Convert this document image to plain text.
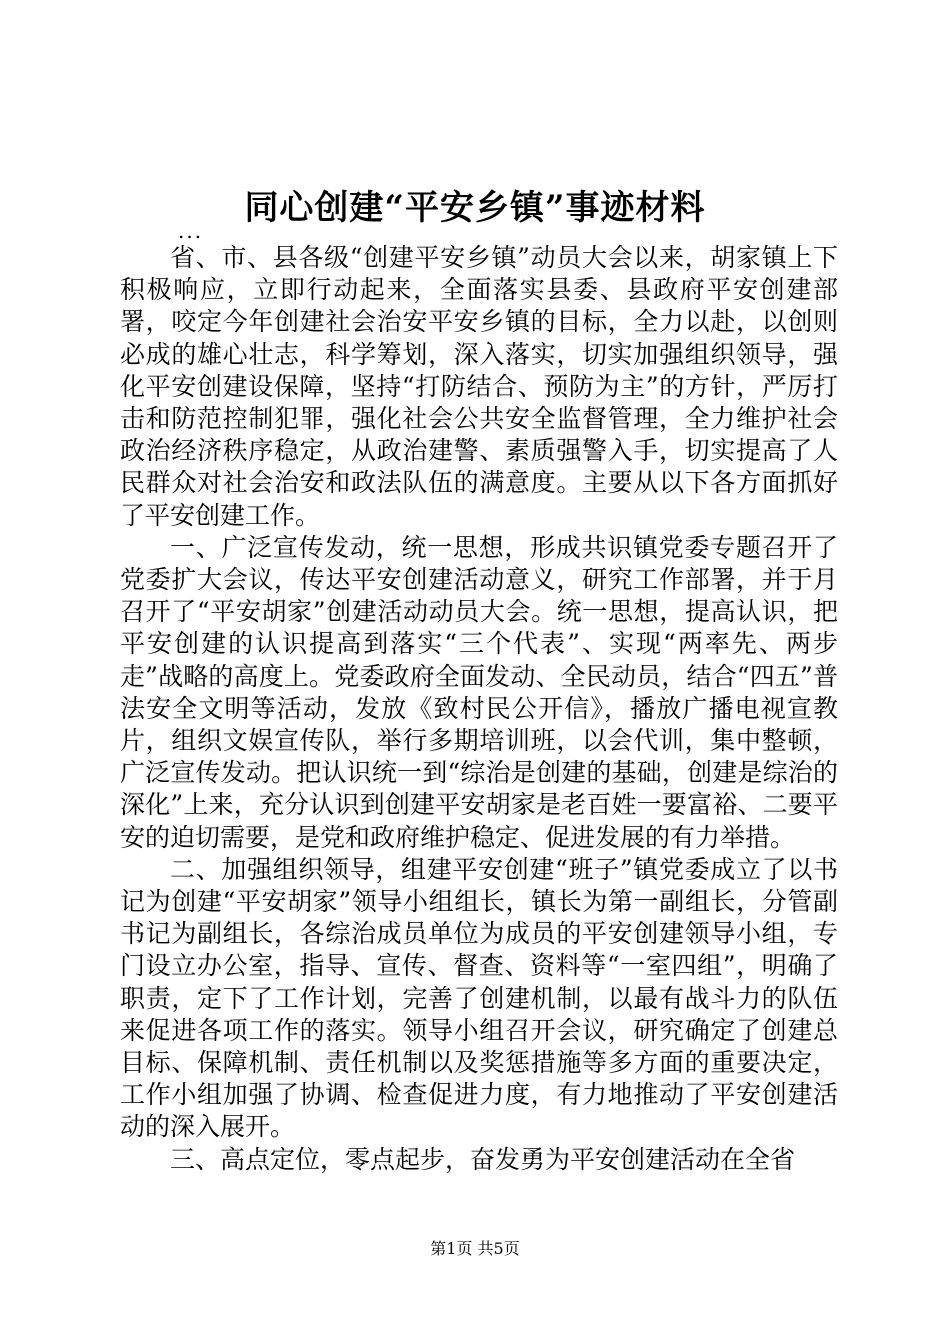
同心创建“平安乡镇”事迹材料
...

省、市、县各级“创建平安乡镇”动员大会以来，胡家镇上下积极响应，立即行动起来，全面落实县委、县政府平安创建部署，咬定今年创建社会治安平安乡镇的目标，全力以赴，以创则必成的雄心壮志，科学筹划，深入落实，切实加强组织领导，强化平安创建设保障，坚持“打防结合、预防为主”的方针，严厉打击和防范控制犯罪，强化社会公共安全监督管理，全力维护社会政治经济秩序稳定，从政治建警、素质强警入手，切实提高了人民群众对社会治安和政法队伍的满意度。主要从以下各方面抓好了平安创建工作。

一、广泛宣传发动，统一思想，形成共识镇党委专题召开了党委扩大会议，传达平安创建活动意义，研究工作部署，并于月召开了“平安胡家”创建活动动员大会。统一思想，提高认识，把平安创建的认识提高到落实“三个代表”、实现“两率先、两步走”战略的高度上。党委政府全面发动、全民动员，结合“四五”普法安全文明等活动，发放《致村民公开信》，播放广播电视宣教片，组织文娱宣传队，举行多期培训班，以会代训，集中整顿，广泛宣传发动。把认识统一到“综治是创建的基础，创建是综治的深化”上来，充分认识到创建平安胡家是老百姓一要富裕、二要平安的迫切需要，是党和政府维护稳定、促进发展的有力举措。

二、加强组织领导，组建平安创建“班子”镇党委成立了以书记为创建“平安胡家”领导小组组长，镇长为第一副组长，分管副书记为副组长，各综治成员单位为成员的平安创建领导小组，专门设立办公室，指导、宣传、督查、资料等“一室四组”，明确了职责，定下了工作计划，完善了创建机制，以最有战斗力的队伍来促进各项工作的落实。领导小组召开会议，研究确定了创建总目标、保障机制、责任机制以及奖惩措施等多方面的重要决定，工作小组加强了协调、检查促进力度，有力地推动了平安创建活动的深入展开。

三、高点定位，零点起步，奋发勇为平安创建活动在全省

第1页 共5页
